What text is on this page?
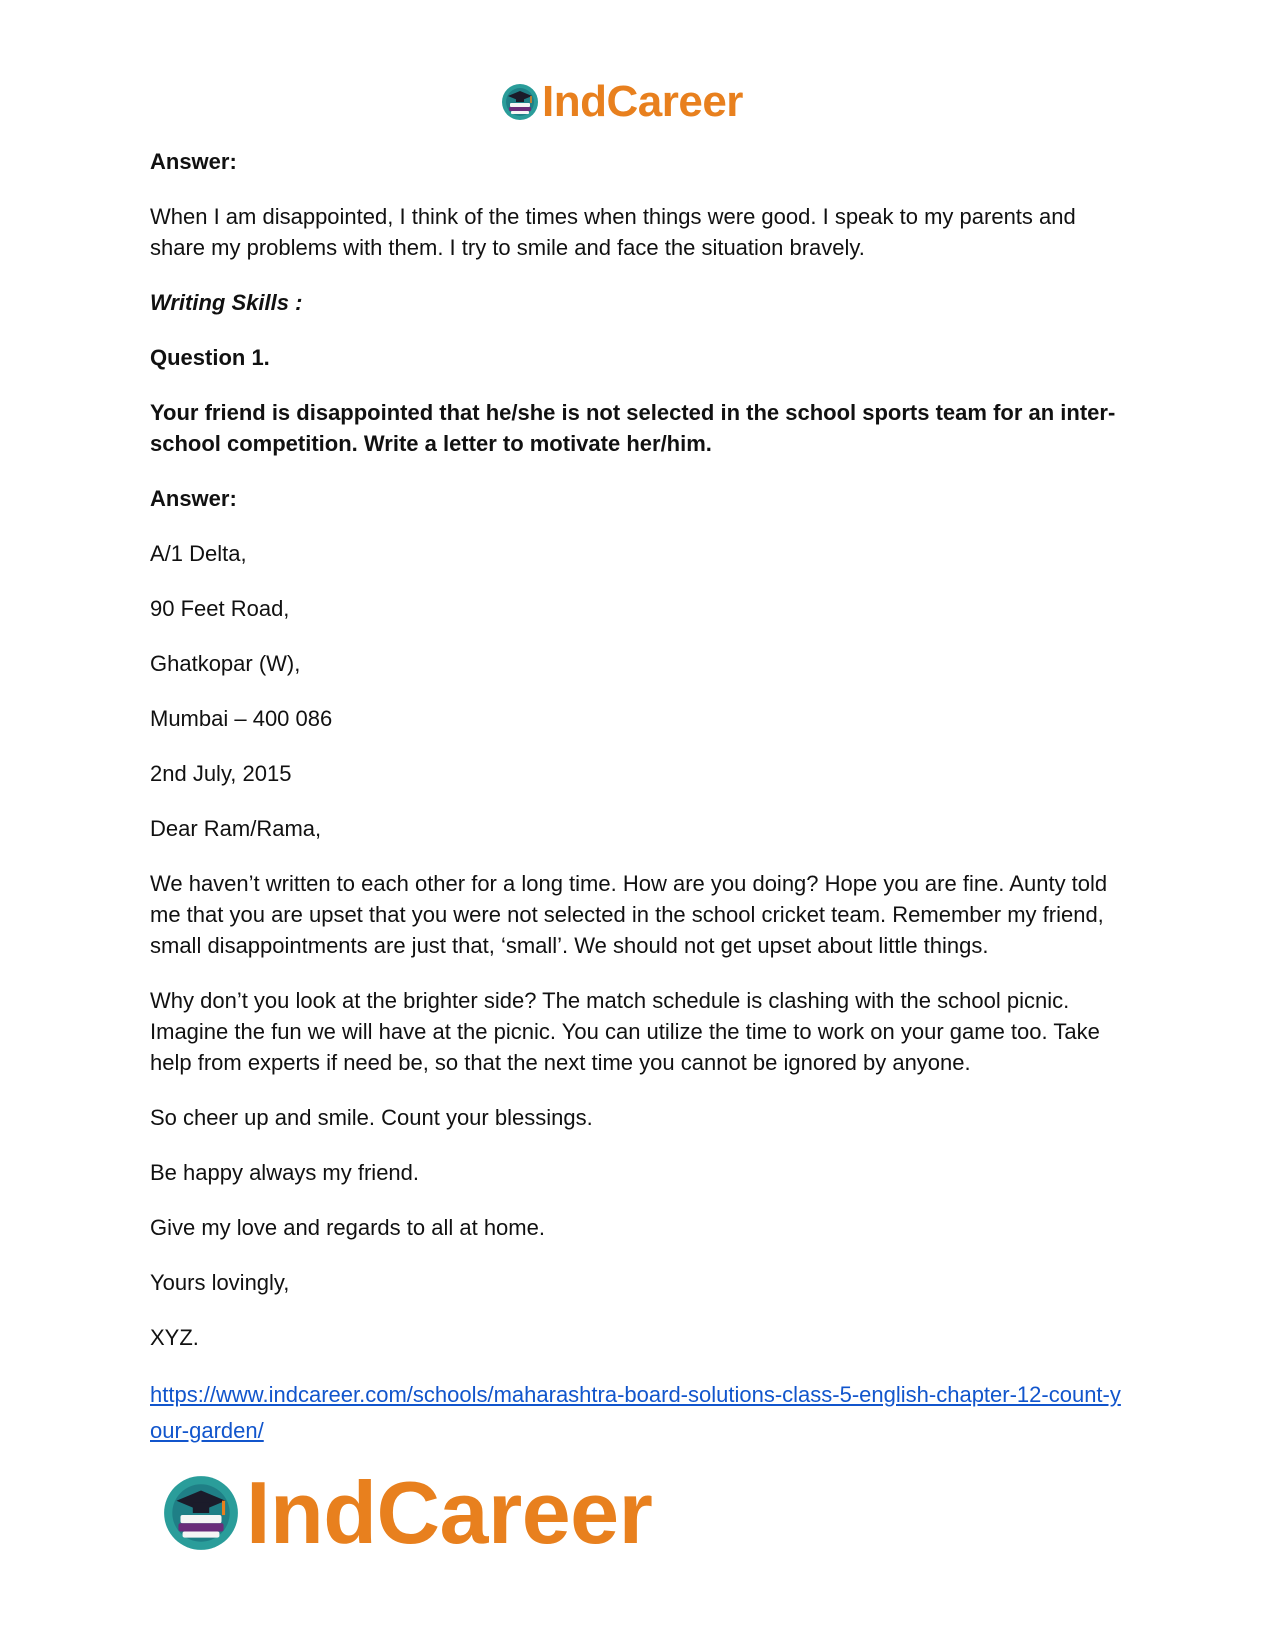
IndCareer

Answer:

When I am disappointed, I think of the times when things were good. I speak to my parents and share my problems with them. I try to smile and face the situation bravely.

Writing Skills :

Question 1.

Your friend is disappointed that he/she is not selected in the school sports team for an inter-school competition. Write a letter to motivate her/him.

Answer:

A/1 Delta,

90 Feet Road,

Ghatkopar (W),

Mumbai – 400 086

2nd July, 2015

Dear Ram/Rama,

We haven’t written to each other for a long time. How are you doing? Hope you are fine. Aunty told me that you are upset that you were not selected in the school cricket team. Remember my friend, small disappointments are just that, ‘small’. We should not get upset about little things.

Why don’t you look at the brighter side? The match schedule is clashing with the school picnic. Imagine the fun we will have at the picnic. You can utilize the time to work on your game too. Take help from experts if need be, so that the next time you cannot be ignored by anyone.

So cheer up and smile. Count your blessings.

Be happy always my friend.

Give my love and regards to all at home.

Yours lovingly,

XYZ.

https://www.indcareer.com/schools/maharashtra-board-solutions-class-5-english-chapter-12-count-your-garden/
IndCareer
